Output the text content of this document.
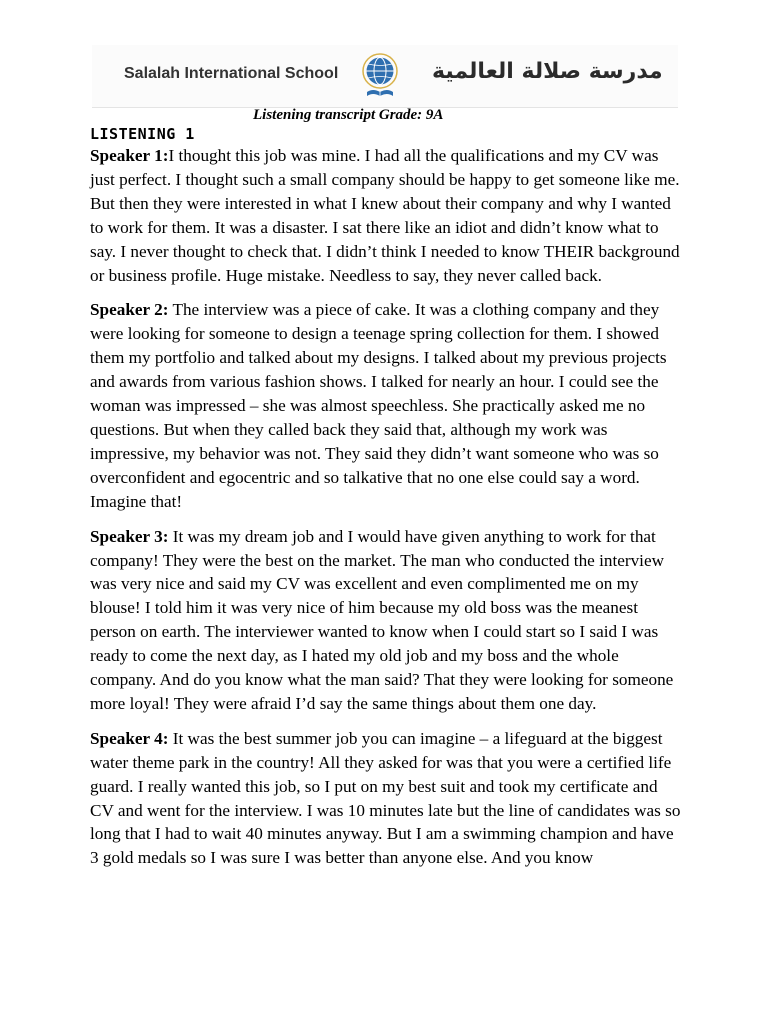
Salalah International School	مدرسة صلالة العالمية
Listening transcript Grade: 9A
LISTENING 1

Speaker 1:I thought this job was mine. I had all the qualifications and my CV was just perfect. I thought such a small company should be happy to get someone like me. But then they were interested in what I knew about their company and why I wanted to work for them. It was a disaster. I sat there like an idiot and didn’t know what to say. I never thought to check that. I didn’t think I needed to know THEIR background or business profile. Huge mistake. Needless to say, they never called back.

Speaker 2: The interview was a piece of cake. It was a clothing company and they were looking for someone to design a teenage spring collection for them. I showed them my portfolio and talked about my designs. I talked about my previous projects and awards from various fashion shows. I talked for nearly an hour. I could see the woman was impressed – she was almost speechless. She practically asked me no questions. But when they called back they said that, although my work was impressive, my behavior was not. They said they didn’t want someone who was so overconfident and egocentric and so talkative that no one else could say a word. Imagine that!

Speaker 3: It was my dream job and I would have given anything to work for that company! They were the best on the market. The man who conducted the interview was very nice and said my CV was excellent and even complimented me on my blouse! I told him it was very nice of him because my old boss was the meanest person on earth. The interviewer wanted to know when I could start so I said I was ready to come the next day, as I hated my old job and my boss and the whole company. And do you know what the man said? That they were looking for someone more loyal! They were afraid I’d say the same things about them one day.

Speaker 4: It was the best summer job you can imagine – a lifeguard at the biggest water theme park in the country! All they asked for was that you were a certified life guard. I really wanted this job, so I put on my best suit and took my certificate and CV and went for the interview. I was 10 minutes late but the line of candidates was so long that I had to wait 40 minutes anyway. But I am a swimming champion and have 3 gold medals so I was sure I was better than anyone else. And you know
